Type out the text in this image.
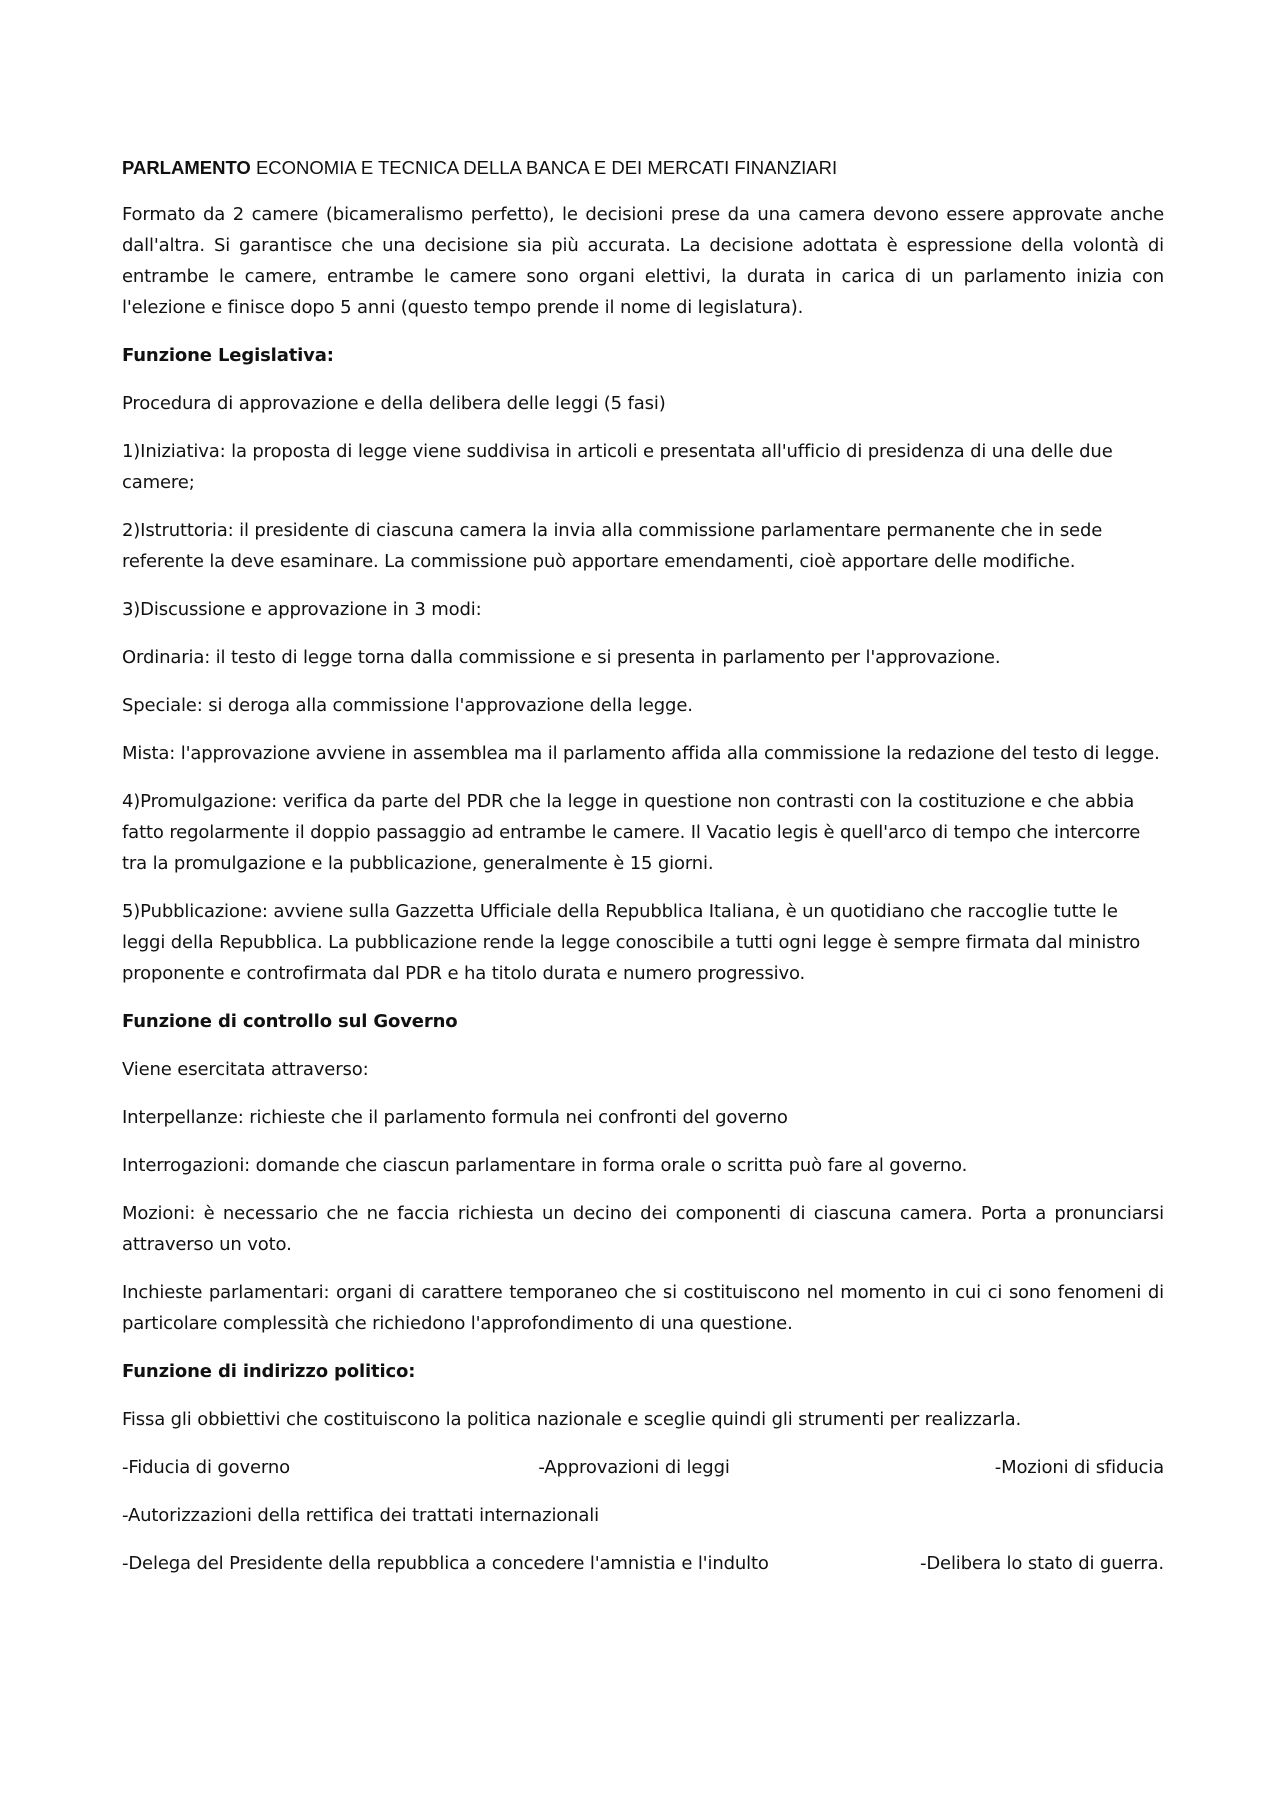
PARLAMENTO ECONOMIA E TECNICA DELLA BANCA E DEI MERCATI FINANZIARI

Formato da 2 camere (bicameralismo perfetto), le decisioni prese da una camera devono essere approvate anche dall'altra. Si garantisce che una decisione sia più accurata. La decisione adottata è espressione della volontà di entrambe le camere, entrambe le camere sono organi elettivi, la durata in carica di un parlamento inizia con l'elezione e finisce dopo 5 anni (questo tempo prende il nome di legislatura).

Funzione Legislativa:

Procedura di approvazione e della delibera delle leggi (5 fasi)

1)Iniziativa: la proposta di legge viene suddivisa in articoli e presentata all'ufficio di presidenza di una delle due camere;

2)Istruttoria: il presidente di ciascuna camera la invia alla commissione parlamentare permanente che in sede referente la deve esaminare. La commissione può apportare emendamenti, cioè apportare delle modifiche.

3)Discussione e approvazione in 3 modi:

Ordinaria: il testo di legge torna dalla commissione e si presenta in parlamento per l'approvazione.

Speciale: si deroga alla commissione l'approvazione della legge.

Mista: l'approvazione avviene in assemblea ma il parlamento affida alla commissione la redazione del testo di legge.

4)Promulgazione: verifica da parte del PDR che la legge in questione non contrasti con la costituzione e che abbia fatto regolarmente il doppio passaggio ad entrambe le camere. Il Vacatio legis è quell'arco di tempo che intercorre tra la promulgazione e la pubblicazione, generalmente è 15 giorni.

5)Pubblicazione: avviene sulla Gazzetta Ufficiale della Repubblica Italiana, è un quotidiano che raccoglie tutte le leggi della Repubblica. La pubblicazione rende la legge conoscibile a tutti ogni legge è sempre firmata dal ministro proponente e controfirmata dal PDR e ha titolo durata e numero progressivo.

Funzione di controllo sul Governo

Viene esercitata attraverso:

Interpellanze: richieste che il parlamento formula nei confronti del governo

Interrogazioni: domande che ciascun parlamentare in forma orale o scritta può fare al governo.

Mozioni: è necessario che ne faccia richiesta un decino dei componenti di ciascuna camera. Porta a pronunciarsi attraverso un voto.

Inchieste parlamentari: organi di carattere temporaneo che si costituiscono nel momento in cui ci sono fenomeni di particolare complessità che richiedono l'approfondimento di una questione.

Funzione di indirizzo politico:

Fissa gli obbiettivi che costituiscono la politica nazionale e sceglie quindi gli strumenti per realizzarla.

-Fiducia di governo	-Approvazioni di leggi	-Mozioni di sfiducia

-Autorizzazioni della rettifica dei trattati internazionali

-Delega del Presidente della repubblica a concedere l'amnistia e l'indulto	-Delibera lo stato di guerra.
